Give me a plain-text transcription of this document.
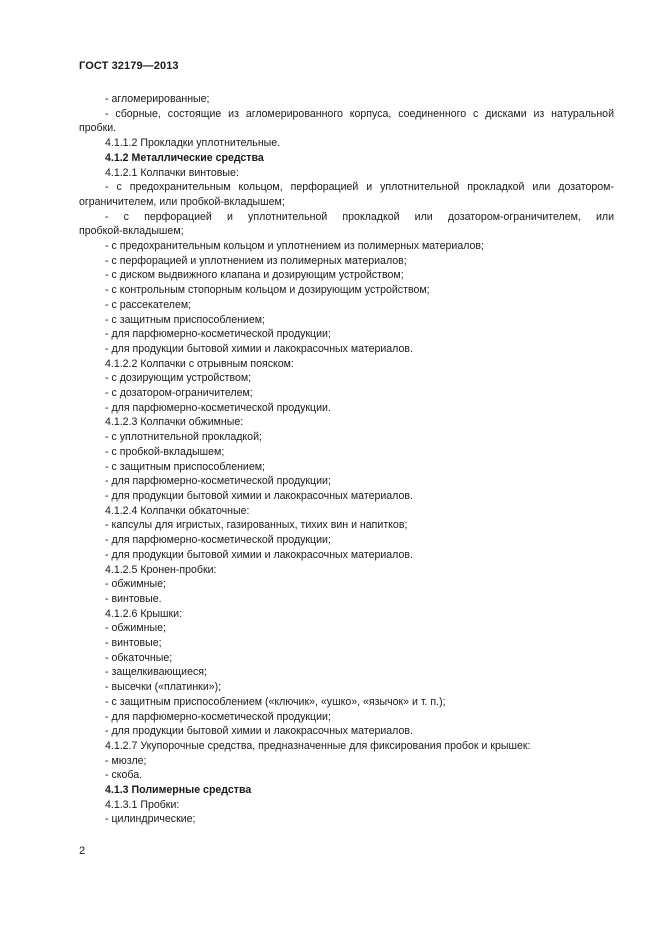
ГОСТ 32179—2013

- агломерированные;

- сборные, состоящие из агломерированного корпуса, соединенного с дисками из натуральной

пробки.

4.1.1.2 Прокладки уплотнительные.

4.1.2 Металлические средства

4.1.2.1 Колпачки винтовые:

- с предохранительным кольцом, перфорацией и уплотнительной прокладкой или дозатором-

ограничителем, или пробкой-вкладышем;

- с перфорацией и уплотнительной прокладкой или дозатором-ограничителем, или

пробкой-вкладышем;

- с предохранительным кольцом и уплотнением из полимерных материалов;

- с перфорацией и уплотнением из полимерных материалов;

- с диском выдвижного клапана и дозирующим устройством;

- с контрольным стопорным кольцом и дозирующим устройством;

- с рассекателем;

- с защитным приспособлением;

- для парфюмерно-косметической продукции;

- для продукции бытовой химии и лакокрасочных материалов.

4.1.2.2 Колпачки с отрывным пояском:

- с дозирующим устройством;

- с дозатором-ограничителем;

- для парфюмерно-косметической продукции.

4.1.2.3 Колпачки обжимные:

- с уплотнительной прокладкой;

- с пробкой-вкладышем;

- с защитным приспособлением;

- для парфюмерно-косметической продукции;

- для продукции бытовой химии и лакокрасочных материалов.

4.1.2.4 Колпачки обкаточные:

- капсулы для игристых, газированных, тихих вин и напитков;

- для парфюмерно-косметической продукции;

- для продукции бытовой химии и лакокрасочных материалов.

4.1.2.5 Кронен-пробки:

- обжимные;

- винтовые.

4.1.2.6 Крышки:

- обжимные;

- винтовые;

- обкаточные;

- защелкивающиеся;

- высечки («платинки»);

- с защитным приспособлением («ключик», «ушко», «язычок» и т. п.);

- для парфюмерно-косметической продукции;

- для продукции бытовой химии и лакокрасочных материалов.

4.1.2.7 Укупорочные средства, предназначенные для фиксирования пробок и крышек:

- мюзле;

- скоба.

4.1.3 Полимерные средства

4.1.3.1 Пробки:

- цилиндрические;

2
